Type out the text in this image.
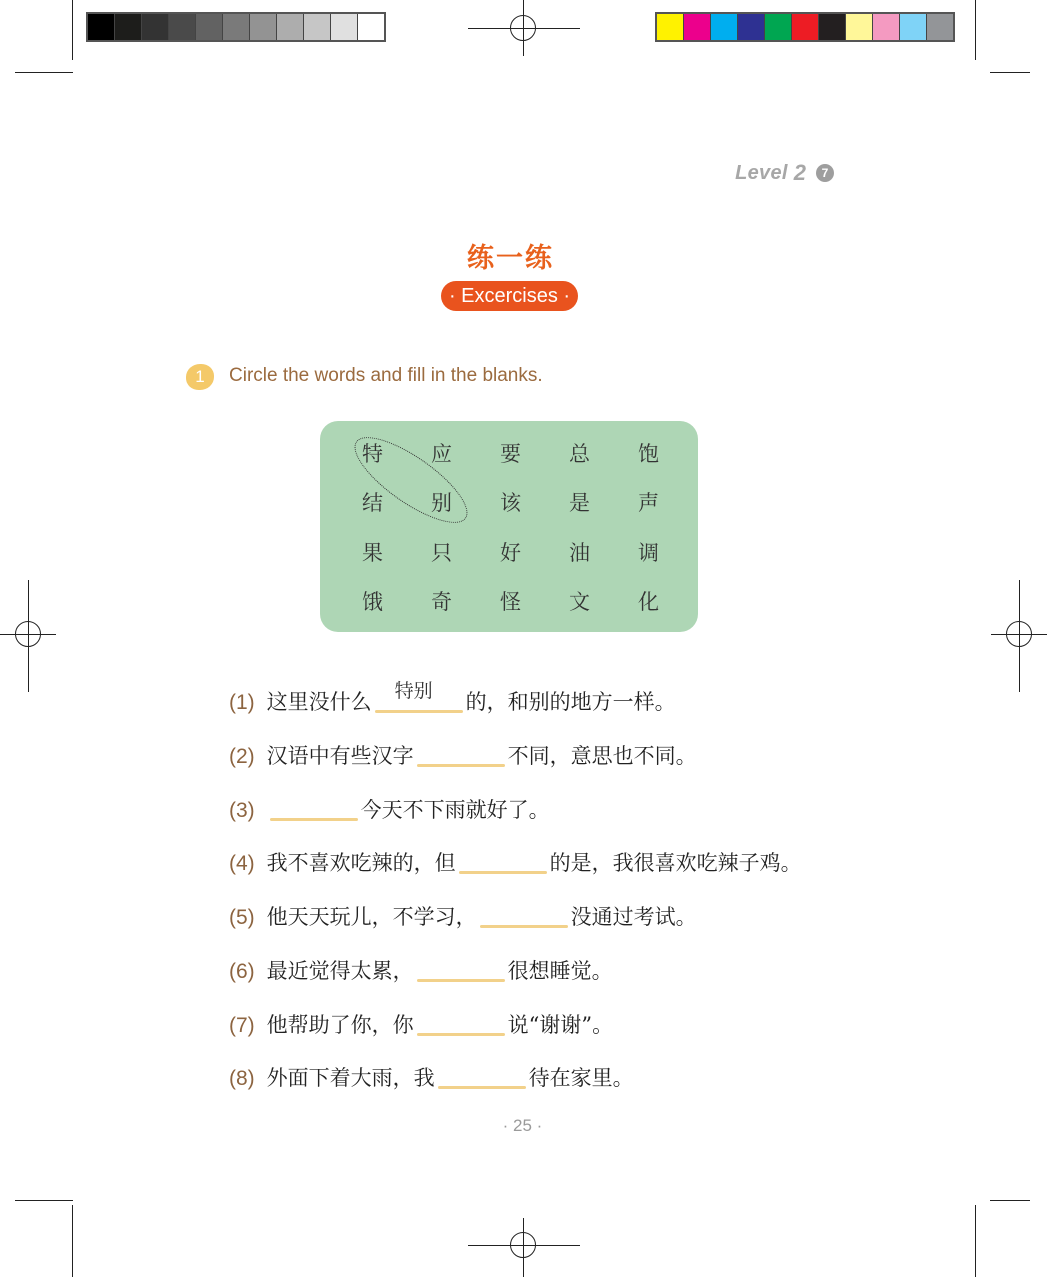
Level 2	7
练一练
· Excercises ·
1	Circle the words and fill in the blanks.
特	应	要	总	饱
结	别	该	是	声
果	只	好	油	调
饿	奇	怪	文	化
(1) 这里没什么 特别 的，和别的地方一样。
(2) 汉语中有些汉字	不同，意思也不同。
(3)	今天不下雨就好了。
(4) 我不喜欢吃辣的，但	的是，我很喜欢吃辣子鸡。
(5) 他天天玩儿，不学习，	没通过考试。
(6) 最近觉得太累，	很想睡觉。
(7) 他帮助了你，你	说“谢谢”。
(8) 外面下着大雨，我	待在家里。
· 25 ·
